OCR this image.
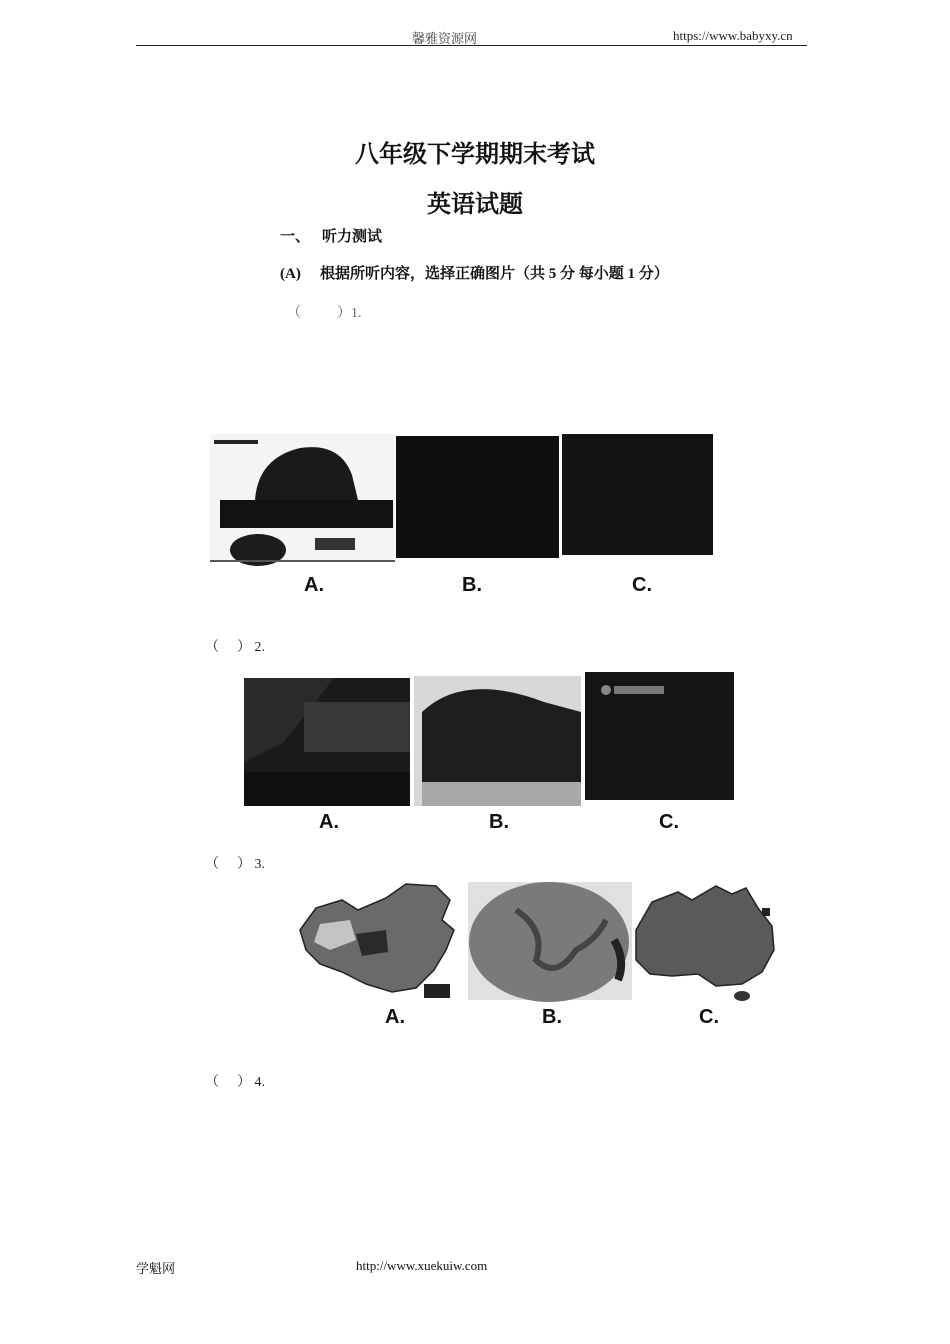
馨雅资源网	https://www.babyxy.cn
八年级下学期期末考试
英语试题
一、 听力测试
(A) 根据所听内容，选择正确图片（共 5 分 每小题 1 分）
（	）1.
A.	B.	C.
（ ） 2.
A.	B.	C.
（ ） 3.
A.	B.	C.
（ ） 4.
学魁网	http://www.xuekuiw.com
